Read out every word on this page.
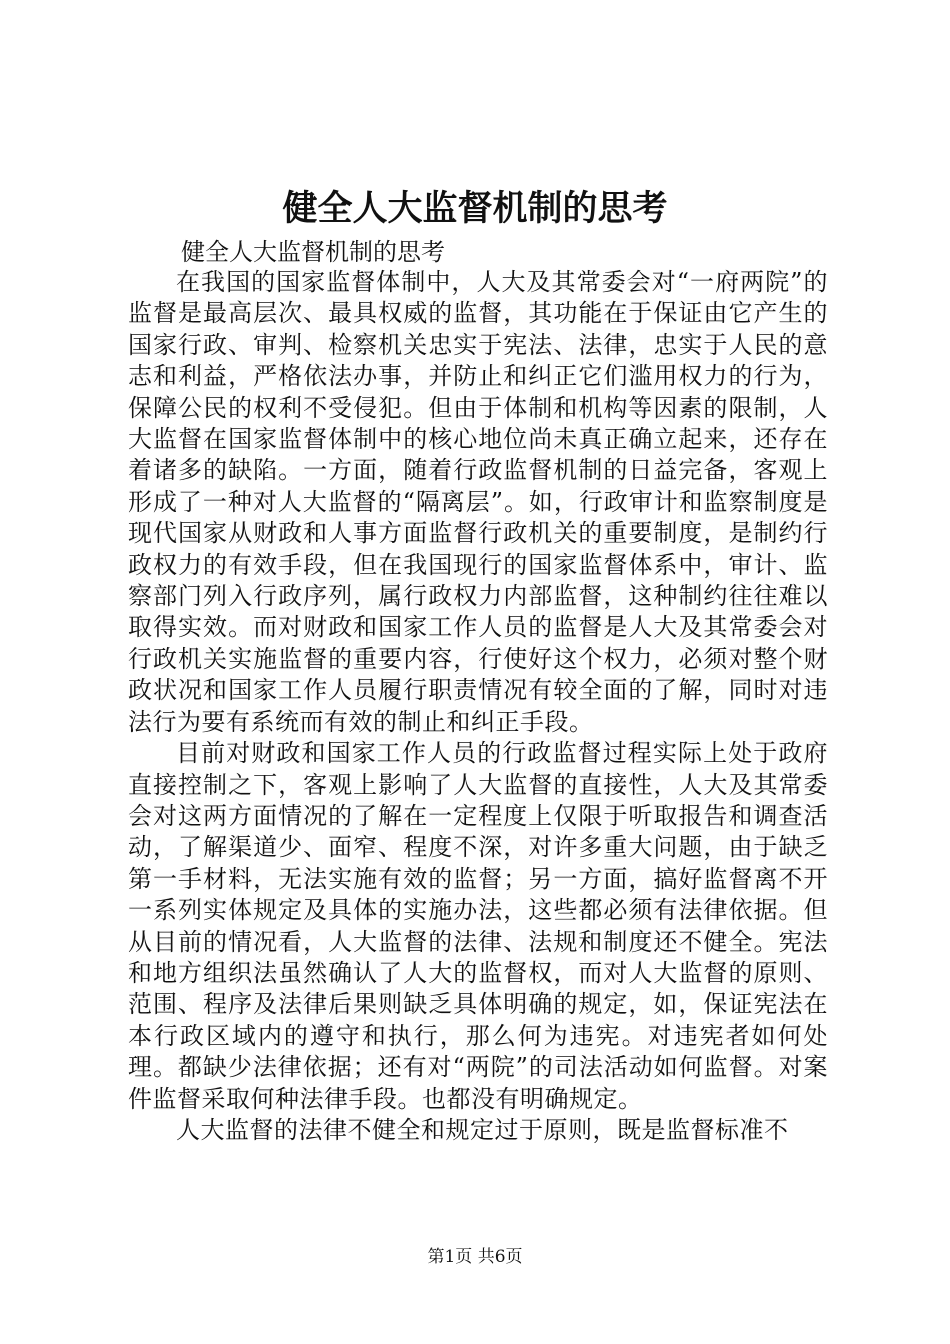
健全人大监督机制的思考

健全人大监督机制的思考

在我国的国家监督体制中，人大及其常委会对“一府两院”的监督是最高层次、最具权威的监督，其功能在于保证由它产生的国家行政、审判、检察机关忠实于宪法、法律，忠实于人民的意志和利益，严格依法办事，并防止和纠正它们滥用权力的行为，保障公民的权利不受侵犯。但由于体制和机构等因素的限制，人大监督在国家监督体制中的核心地位尚未真正确立起来，还存在着诸多的缺陷。一方面，随着行政监督机制的日益完备，客观上形成了一种对人大监督的“隔离层”。如，行政审计和监察制度是现代国家从财政和人事方面监督行政机关的重要制度，是制约行政权力的有效手段，但在我国现行的国家监督体系中，审计、监察部门列入行政序列，属行政权力内部监督，这种制约往往难以取得实效。而对财政和国家工作人员的监督是人大及其常委会对行政机关实施监督的重要内容，行使好这个权力，必须对整个财政状况和国家工作人员履行职责情况有较全面的了解，同时对违法行为要有系统而有效的制止和纠正手段。

目前对财政和国家工作人员的行政监督过程实际上处于政府直接控制之下，客观上影响了人大监督的直接性，人大及其常委会对这两方面情况的了解在一定程度上仅限于听取报告和调查活动，了解渠道少、面窄、程度不深，对许多重大问题，由于缺乏第一手材料，无法实施有效的监督；另一方面，搞好监督离不开一系列实体规定及具体的实施办法，这些都必须有法律依据。但从目前的情况看，人大监督的法律、法规和制度还不健全。宪法和地方组织法虽然确认了人大的监督权，而对人大监督的原则、范围、程序及法律后果则缺乏具体明确的规定，如，保证宪法在本行政区域内的遵守和执行，那么何为违宪。对违宪者如何处理。都缺少法律依据；还有对“两院”的司法活动如何监督。对案件监督采取何种法律手段。也都没有明确规定。

人大监督的法律不健全和规定过于原则，既是监督标准不

第1页 共6页
